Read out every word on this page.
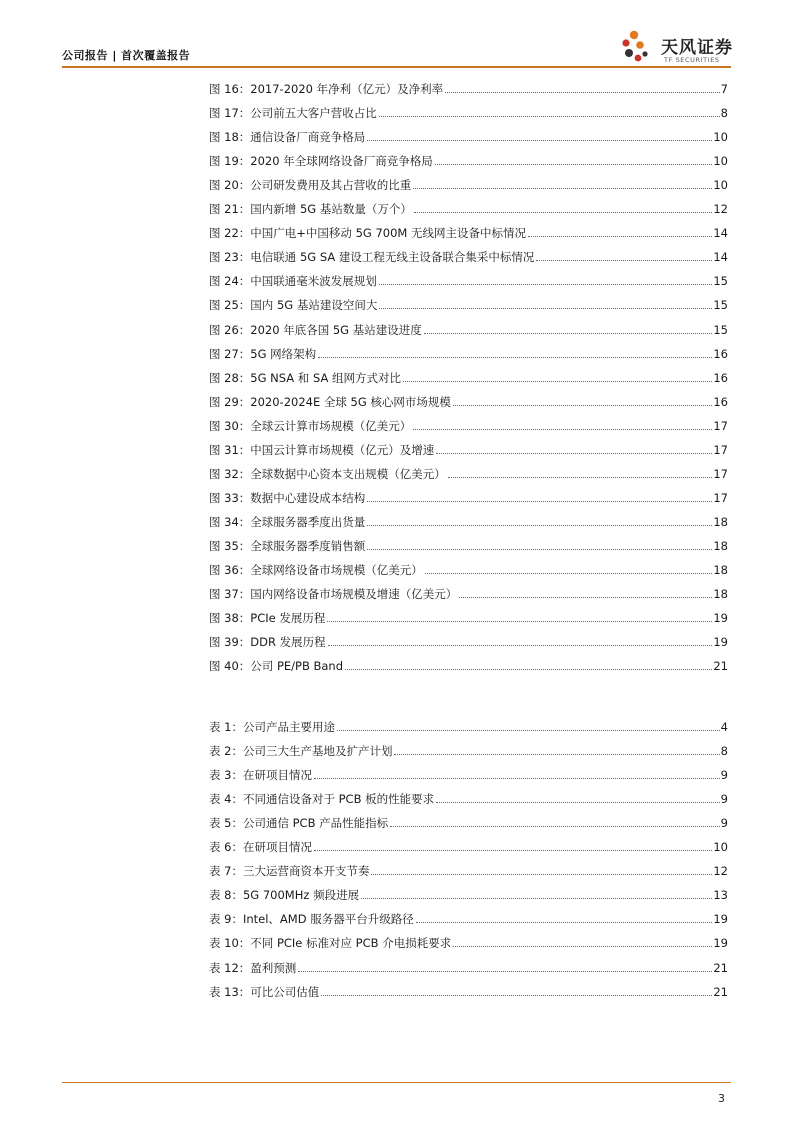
公司报告 | 首次覆盖报告	天风证券
TF SECURITIES
图 16：2017-2020 年净利（亿元）及净利率	7
图 17：公司前五大客户营收占比	8
图 18：通信设备厂商竞争格局	10
图 19：2020 年全球网络设备厂商竞争格局	10
图 20：公司研发费用及其占营收的比重	10
图 21：国内新增 5G 基站数量（万个）	12
图 22：中国广电+中国移动 5G 700M 无线网主设备中标情况	14
图 23：电信联通 5G SA 建设工程无线主设备联合集采中标情况	14
图 24：中国联通毫米波发展规划	15
图 25：国内 5G 基站建设空间大	15
图 26：2020 年底各国 5G 基站建设进度	15
图 27：5G 网络架构	16
图 28：5G NSA 和 SA 组网方式对比	16
图 29：2020-2024E 全球 5G 核心网市场规模	16
图 30：全球云计算市场规模（亿美元）	17
图 31：中国云计算市场规模（亿元）及增速	17
图 32：全球数据中心资本支出规模（亿美元）	17
图 33：数据中心建设成本结构	17
图 34：全球服务器季度出货量	18
图 35：全球服务器季度销售额	18
图 36：全球网络设备市场规模（亿美元）	18
图 37：国内网络设备市场规模及增速（亿美元）	18
图 38：PCIe 发展历程	19
图 39：DDR 发展历程	19
图 40：公司 PE/PB Band	21
表 1：公司产品主要用途	4
表 2：公司三大生产基地及扩产计划	8
表 3：在研项目情况	9
表 4：不同通信设备对于 PCB 板的性能要求	9
表 5：公司通信 PCB 产品性能指标	9
表 6：在研项目情况	10
表 7：三大运营商资本开支节奏	12
表 8：5G 700MHz 频段进展	13
表 9：Intel、AMD 服务器平台升级路径	19
表 10：不同 PCIe 标准对应 PCB 介电损耗要求	19
表 12：盈利预测	21
表 13：可比公司估值	21
3
